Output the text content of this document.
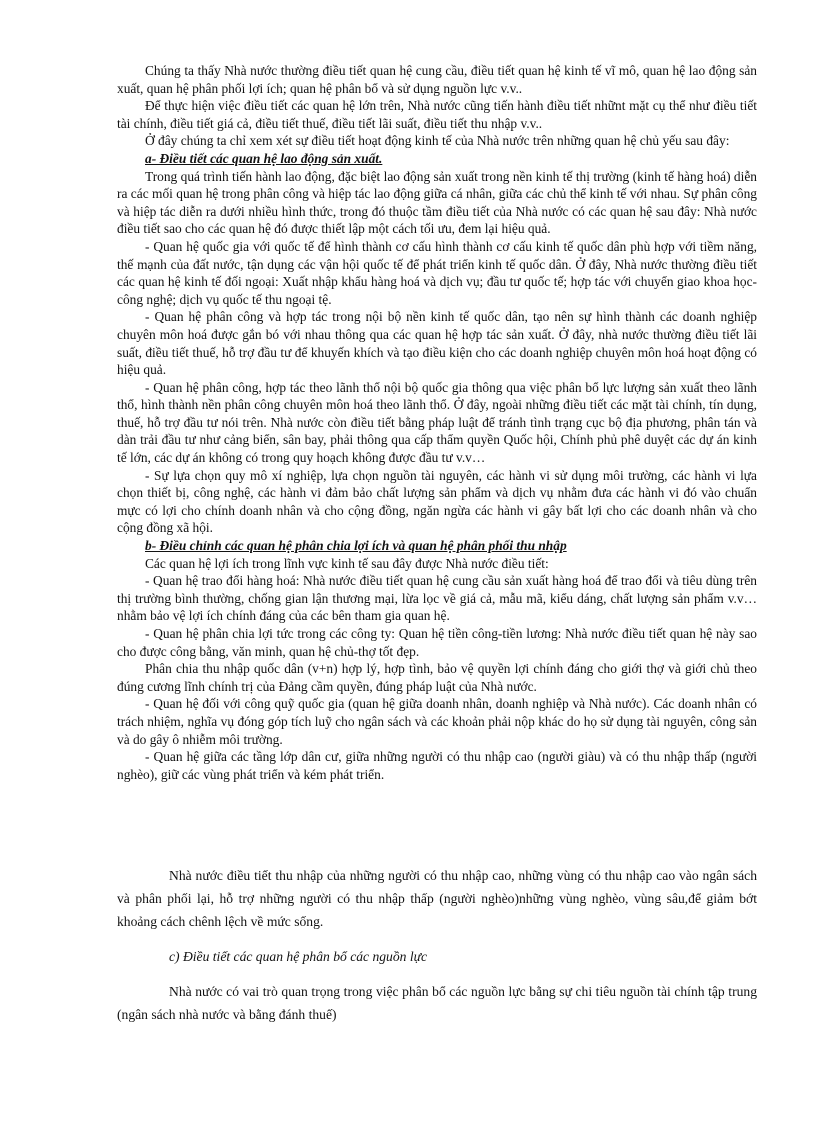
Chúng ta thấy Nhà nước thường điều tiết quan hệ cung cầu, điều tiết quan hệ kinh tế vĩ mô, quan hệ lao động sản xuất, quan hệ phân phối lợi ích; quan hệ phân bổ và sử dụng nguồn lực v.v..

Để thực hiện việc điều tiết các quan hệ lớn trên, Nhà nước cũng tiến hành điều tiết nhữnt mặt cụ thể như điều tiết tài chính, điều tiết giá cả, điều tiết thuế, điều tiết lãi suất, điều tiết thu nhập v.v..

Ở đây chúng ta chỉ xem xét sự điều tiết hoạt động kinh tế của Nhà nước trên những quan hệ chủ yếu sau đây:

a- Điều tiết các quan hệ lao động sản xuất.

Trong quá trình tiến hành lao động, đặc biệt lao động sản xuất trong nền kinh tế thị trường (kinh tế hàng hoá) diễn ra các mối quan hệ trong phân công và hiệp tác lao động giữa cá nhân, giữa các chủ thể kinh tế với nhau. Sự phân công và hiệp tác diễn ra dưới nhiều hình thức, trong đó thuộc tầm điều tiết của Nhà nước có các quan hệ sau đây: Nhà nước điều tiết sao cho các quan hệ đó được thiết lập một cách tối ưu, đem lại hiệu quả.

- Quan hệ quốc gia với quốc tế để hình thành cơ cấu hình thành cơ cấu kinh tế quốc dân phù hợp với tiềm năng, thế mạnh của đất nước, tận dụng các vận hội quốc tế để phát triển kinh tế quốc dân. Ở đây, Nhà nước thường điều tiết các quan hệ kinh tế đối ngoại: Xuất nhập khẩu hàng hoá và dịch vụ; đầu tư quốc tế; hợp tác với chuyển giao khoa học-công nghệ; dịch vụ quốc tế thu ngoại tệ.

- Quan hệ phân công và hợp tác trong nội bộ nền kinh tế quốc dân, tạo nên sự hình thành các doanh nghiệp chuyên môn hoá được gắn bó với nhau thông qua các quan hệ hợp tác sản xuất. Ở đây, nhà nước thường điều tiết lãi suất, điều tiết thuế, hỗ trợ đầu tư để khuyến khích và tạo điều kiện cho các doanh nghiệp chuyên môn hoá hoạt động có hiệu quả.

- Quan hệ phân công, hợp tác theo lãnh thổ nội bộ quốc gia thông qua việc phân bổ lực lượng sản xuất theo lãnh thổ, hình thành nền phân công chuyên môn hoá theo lãnh thổ. Ở đây, ngoài những điều tiết các mặt tài chính, tín dụng, thuế, hỗ trợ đầu tư nói trên. Nhà nước còn điều tiết bằng pháp luật để tránh tình trạng cục bộ địa phương, phân tán và dàn trải đầu tư như cảng biển, sân bay, phải thông qua cấp thẩm quyền Quốc hội, Chính phủ phê duyệt các dự án kinh tế lớn, các dự án không có trong quy hoạch không được đầu tư v.v…

- Sự lựa chọn quy mô xí nghiệp, lựa chọn nguồn tài nguyên, các hành vi sử dụng môi trường, các hành vi lựa chọn thiết bị, công nghệ, các hành vi đảm bảo chất lượng sản phẩm và dịch vụ nhằm đưa các hành vi đó vào chuẩn mực có lợi cho chính doanh nhân và cho cộng đồng, ngăn ngừa các hành vi gây bất lợi cho các doanh nhân và cho cộng đồng xã hội.

b- Điều chỉnh các quan hệ phân chia lợi ích và quan hệ phân phối thu nhập

Các quan hệ lợi ích trong lĩnh vực kinh tế sau đây được Nhà nước điều tiết:

- Quan hệ trao đổi hàng hoá: Nhà nước điều tiết quan hệ cung cầu sản xuất hàng hoá để trao đổi và tiêu dùng trên thị trường bình thường, chống gian lận thương mại, lừa lọc về giá cả, mẫu mã, kiểu dáng, chất lượng sản phẩm v.v…nhằm bảo vệ lợi ích chính đáng của các bên tham gia quan hệ.

- Quan hệ phân chia lợi tức trong các công ty: Quan hệ tiền công-tiền lương: Nhà nước điều tiết quan hệ này sao cho được công bằng, văn minh, quan hệ chủ-thợ tốt đẹp.

Phân chia thu nhập quốc dân (v+n) hợp lý, hợp tình, bảo vệ quyền lợi chính đáng cho giới thợ và giới chủ theo đúng cương lĩnh chính trị của Đảng cầm quyền, đúng pháp luật của Nhà nước.

- Quan hệ đối với công quỹ quốc gia (quan hệ giữa doanh nhân, doanh nghiệp và Nhà nước). Các doanh nhân có trách nhiệm, nghĩa vụ đóng góp tích luỹ cho ngân sách và các khoản phải nộp khác do họ sử dụng tài nguyên, công sản và do gây ô nhiễm môi trường.

- Quan hệ giữa các tầng lớp dân cư, giữa những người có thu nhập cao (người giàu) và có thu nhập thấp (người nghèo), giữ các vùng phát triển và kém phát triển.

Nhà nước điều tiết thu nhập của những người có thu nhập cao, những vùng có thu nhập cao vào ngân sách và phân phối lại, hỗ trợ những người có thu nhập thấp (người nghèo)những vùng nghèo, vùng sâu,để giảm bớt khoảng cách chênh lệch về mức sống.

c) Điều tiết các quan hệ phân bổ các nguồn lực

Nhà nước có vai trò quan trọng trong việc phân bổ các nguồn lực bằng sự chi tiêu nguồn tài chính tập trung (ngân sách nhà nước và bằng đánh thuế)
